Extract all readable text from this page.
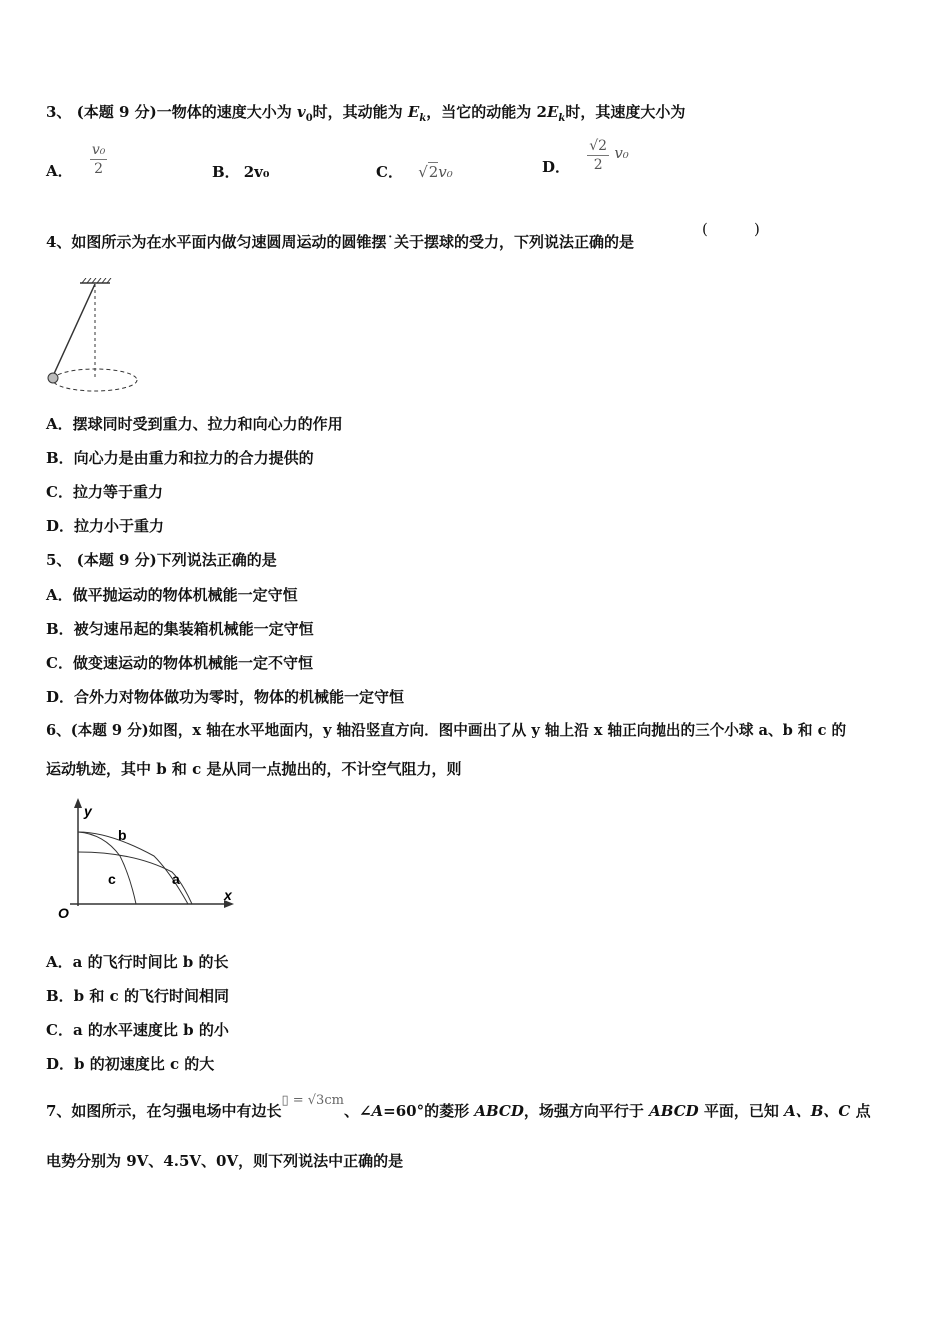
3、 (本题 9 分)一物体的速度大小为 $v_0$时，其动能为 $E_k$，当它的动能为 $2E_k$时，其速度大小为
A． $\frac{\text{v₀}}{2}$	B． 2v₀	C． √2v₀	D． $\frac{√2}{2} v_0$
4、如图所示为在水平面内做匀速圆周运动的圆锥摆˙关于摆球的受力，下列说法正确的是
(	)
A．摆球同时受到重力、拉力和向心力的作用
B．向心力是由重力和拉力的合力提供的
C．拉力等于重力
D．拉力小于重力
5、 (本题 9 分)下列说法正确的是
A．做平抛运动的物体机械能一定守恒
B．被匀速吊起的集装箱机械能一定守恒
C．做变速运动的物体机械能一定不守恒
D．合外力对物体做功为零时，物体的机械能一定守恒
6、(本题 9 分)如图，x 轴在水平地面内，y 轴沿竖直方向．图中画出了从 y 轴上沿 x 轴正向抛出的三个小球 a、b 和 c 的
运动轨迹，其中 b 和 c 是从同一点抛出的，不计空气阻力，则
y
x
O
b
c	a
A．a 的飞行时间比 b 的长
B．b 和 c 的飞行时间相同
C．a 的水平速度比 b 的小
D．b 的初速度比 c 的大
7、如图所示，在匀强电场中有边长▯ = √3cm、∠A=60°的菱形 ABCD，场强方向平行于 ABCD 平面，已知 A、B、C 点
电势分别为 9V、4.5V、0V，则下列说法中正确的是
